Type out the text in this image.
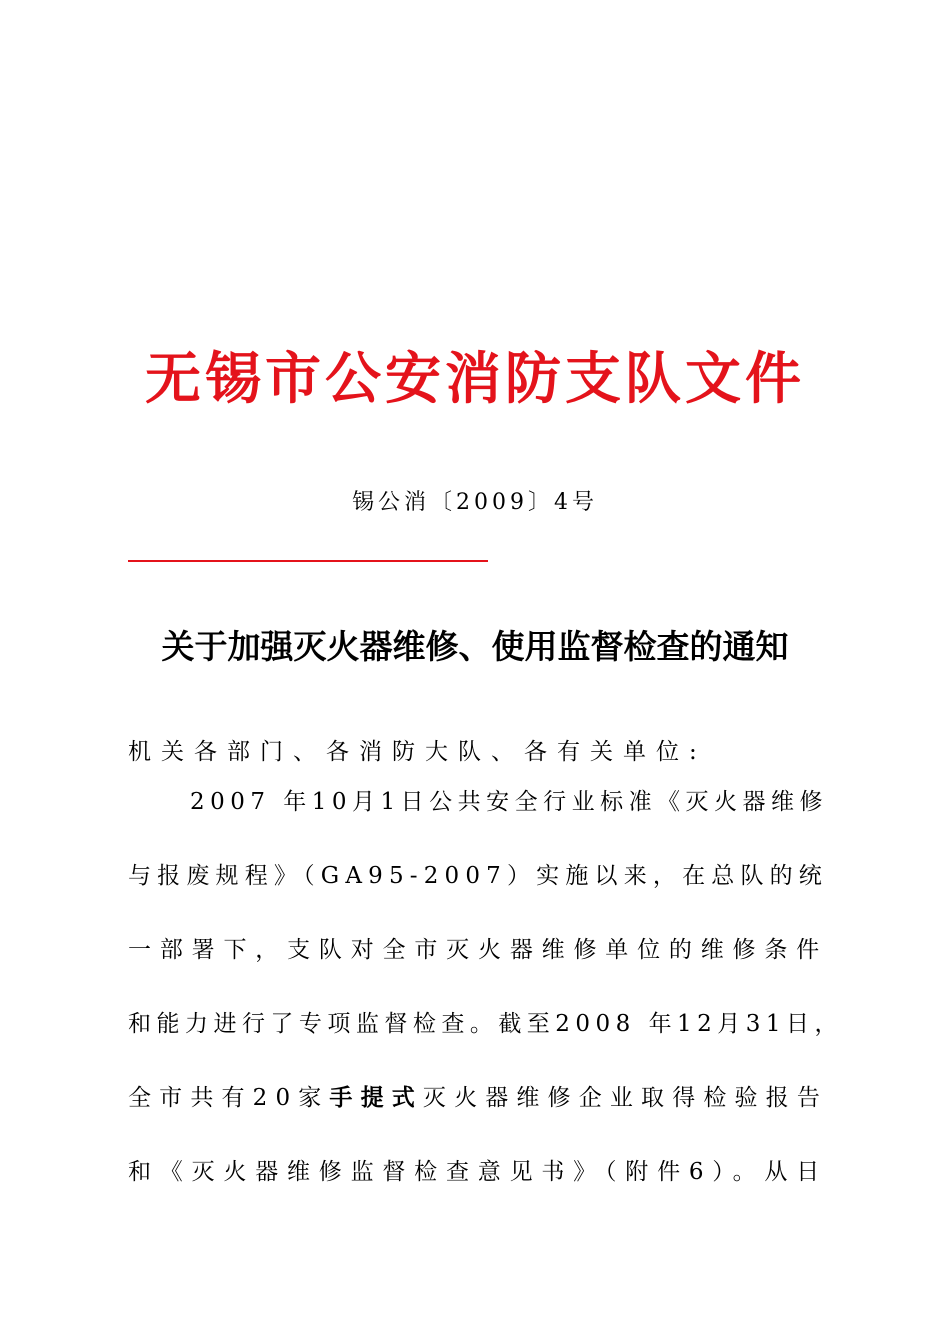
无锡市公安消防支队文件
锡公消〔2009〕4号
关于加强灭火器维修、使用监督检查的通知
机关各部门、各消防大队、各有关单位:
2007 年10月1日公共安全行业标准《灭火器维修
与报废规程》（GA95-2007）实施以来，在总队的统
一部署下，支队对全市灭火器维修单位的维修条件
和能力进行了专项监督检查。截至2008 年12月31日，
全市共有20家 手提式 灭火器维修企业取得检验报告
和《灭火器维修监督检查意见书》（附件6）。从日
